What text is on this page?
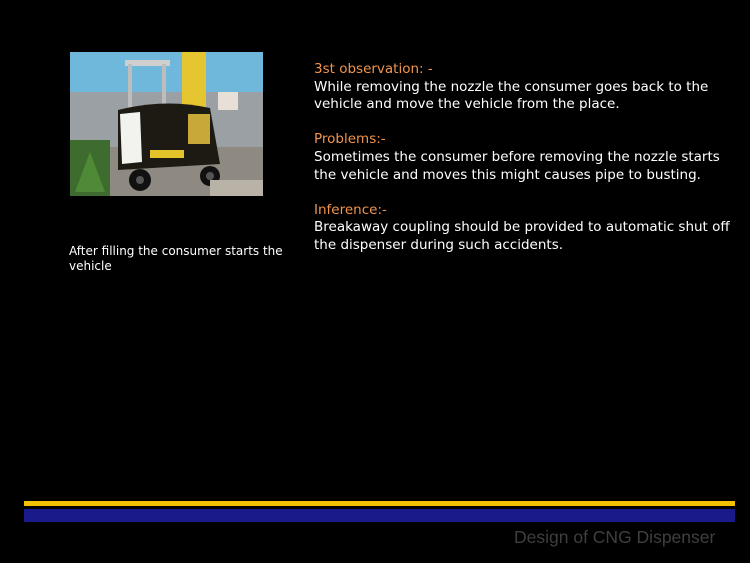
After filling the consumer starts the vehicle
3st observation: -
While removing the nozzle the consumer goes back to the vehicle and move the vehicle from the place.
Problems:-
Sometimes the consumer before removing the nozzle starts the vehicle and moves this might causes pipe to busting.
Inference:-
Breakaway coupling should be provided to automatic shut off the dispenser during such accidents.
Design of CNG Dispenser
